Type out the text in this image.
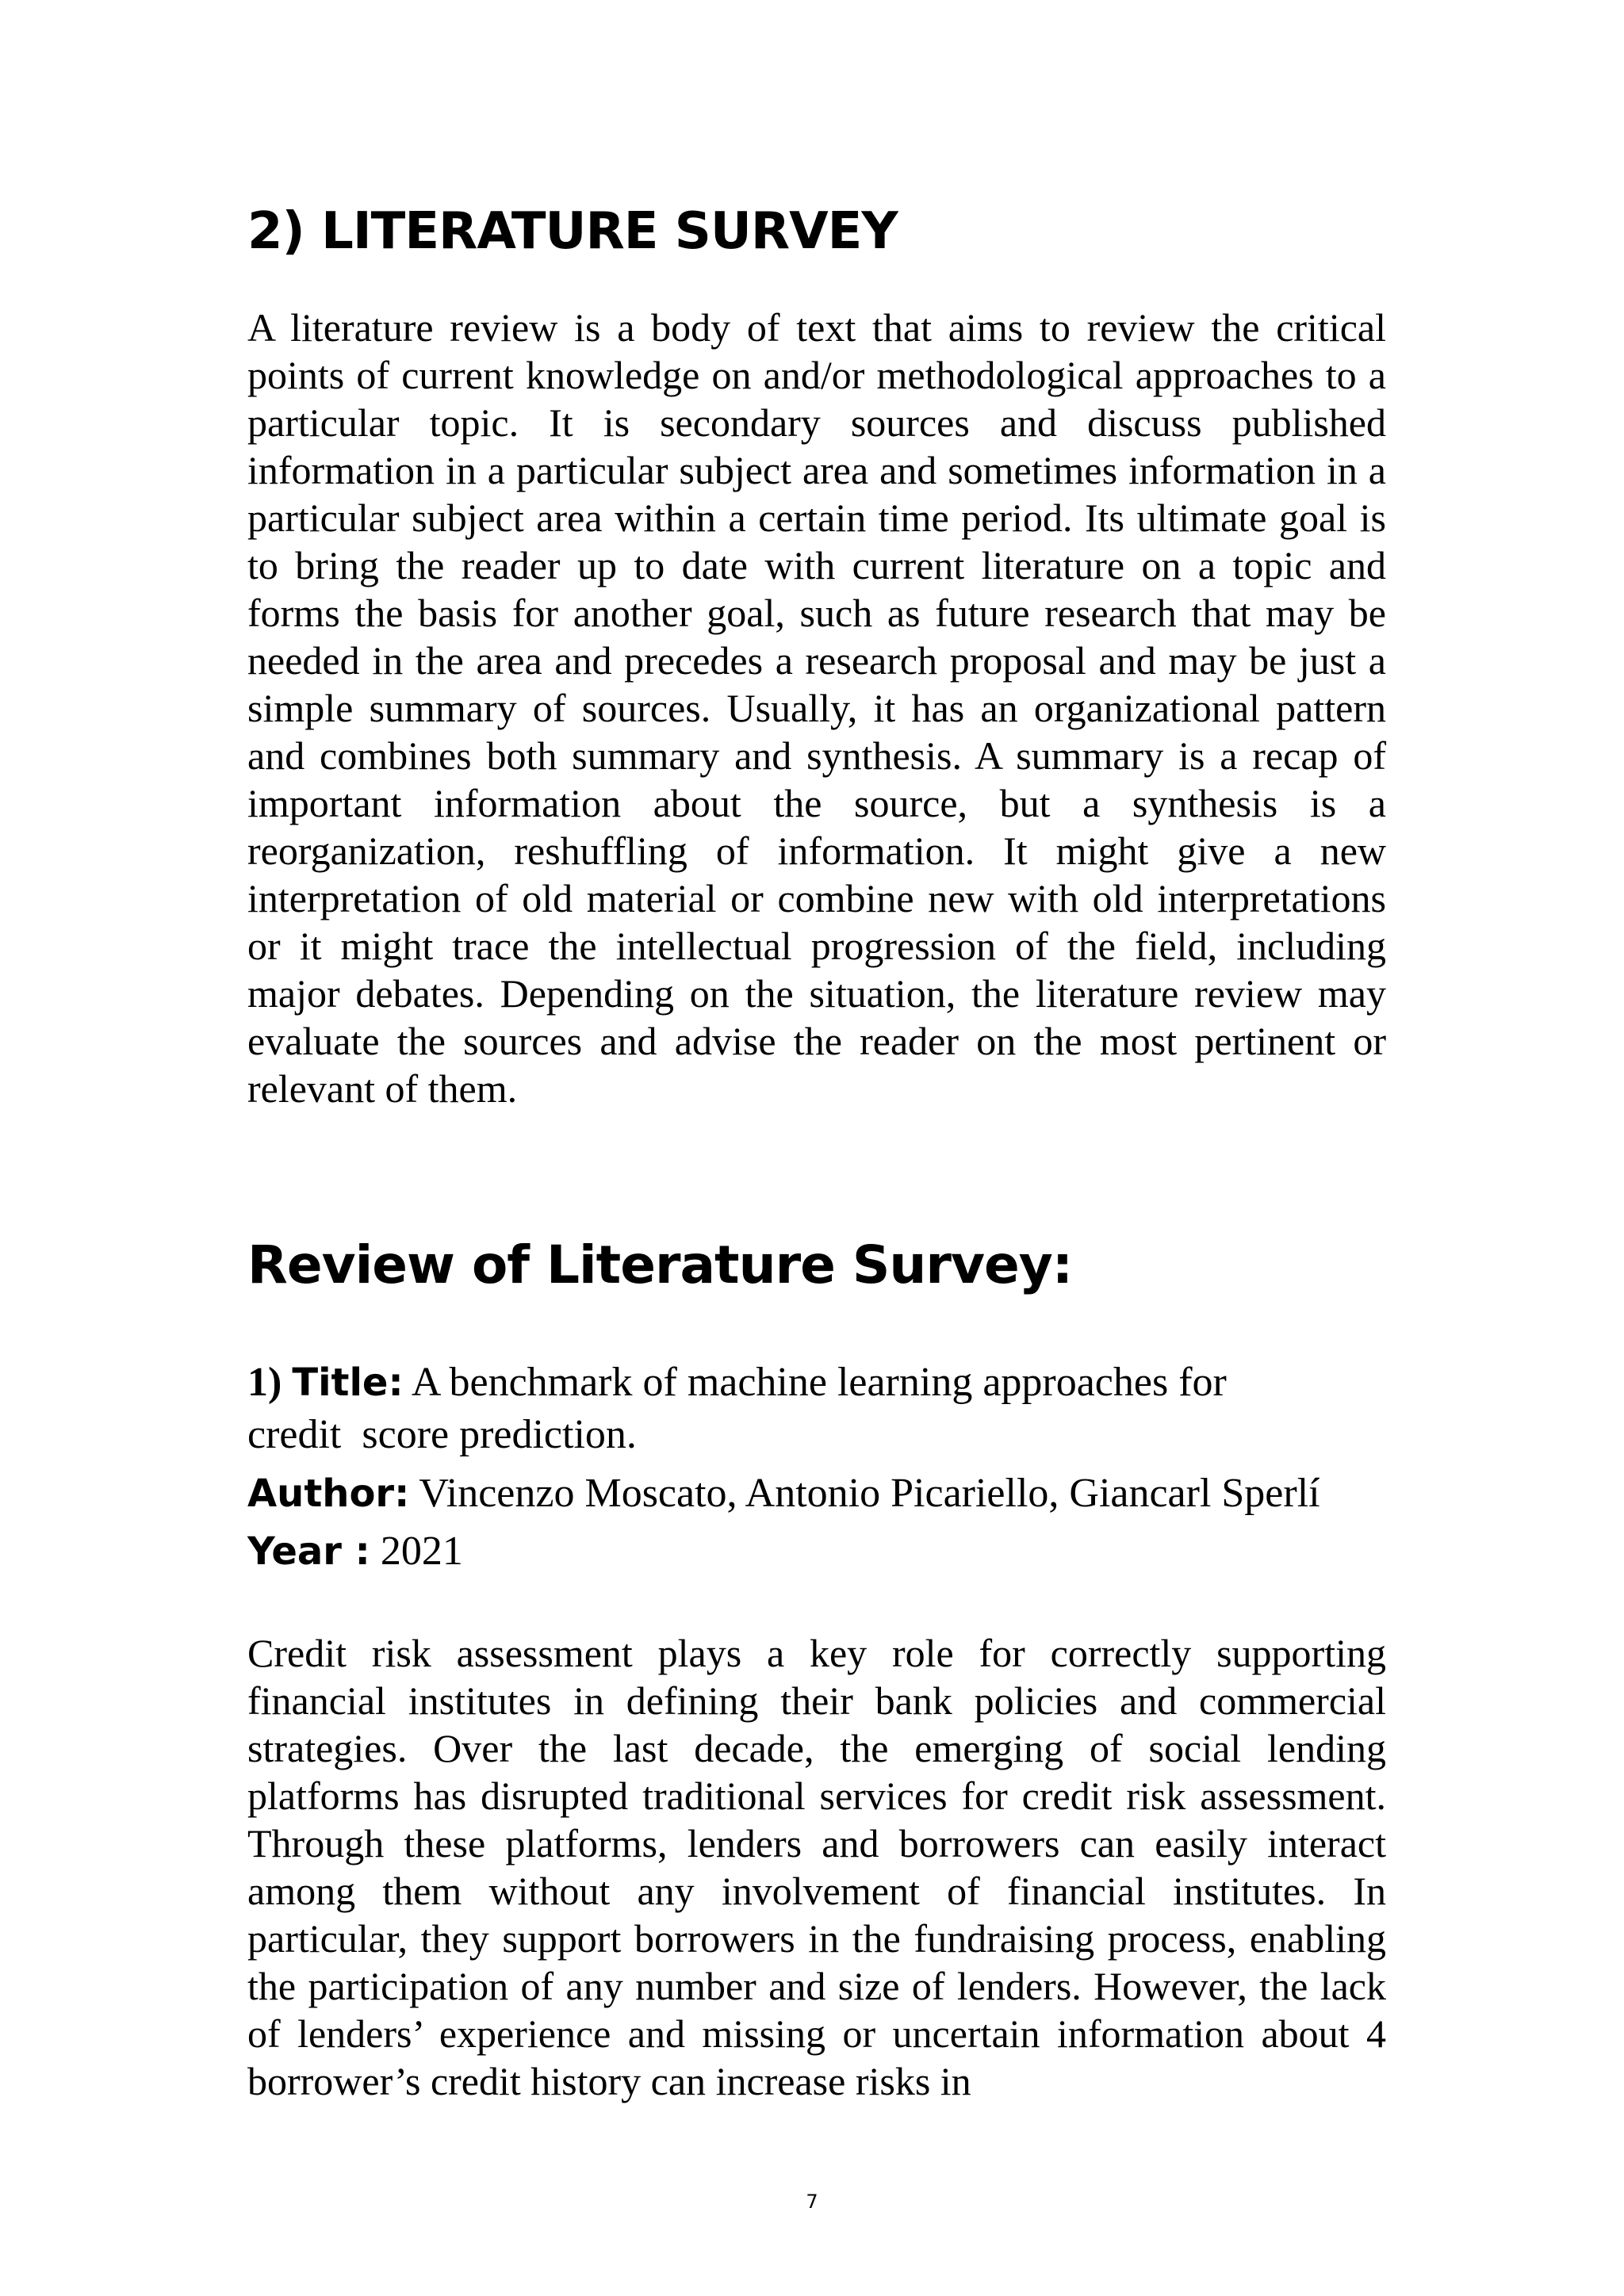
2) LITERATURE SURVEY

A literature review is a body of text that aims to review the critical points of current knowledge on and/or methodological approaches to a particular topic. It is secondary sources and discuss published information in a particular subject area and sometimes information in a particular subject area within a certain time period. Its ultimate goal is to bring the reader up to date with current literature on a topic and forms the basis for another goal, such as future research that may be needed in the area and precedes a research proposal and may be just a simple summary of sources. Usually, it has an organizational pattern and combines both summary and synthesis. A summary is a recap of important information about the source, but a synthesis is a reorganization, reshuffling of information. It might give a new interpretation of old material or combine new with old interpretations or it might trace the intellectual progression of the field, including major debates. Depending on the situation, the literature review may evaluate the sources and advise the reader on the most pertinent or relevant of them.

Review of Literature Survey:

1) Title: A benchmark of machine learning approaches for

credit  score prediction.

Author: Vincenzo Moscato, Antonio Picariello, Giancarl Sperlí

Year : 2021

Credit risk assessment plays a key role for correctly supporting financial institutes in defining their bank policies and commercial strategies. Over the last decade, the emerging of social lending platforms has disrupted traditional services for credit risk assessment. Through these platforms, lenders and borrowers can easily interact among them without any involvement of financial institutes. In particular, they support borrowers in the fundraising process, enabling the participation of any number and size of lenders. However, the lack of lenders’ experience and missing or uncertain information about 4 borrower’s credit history can increase risks in

7
